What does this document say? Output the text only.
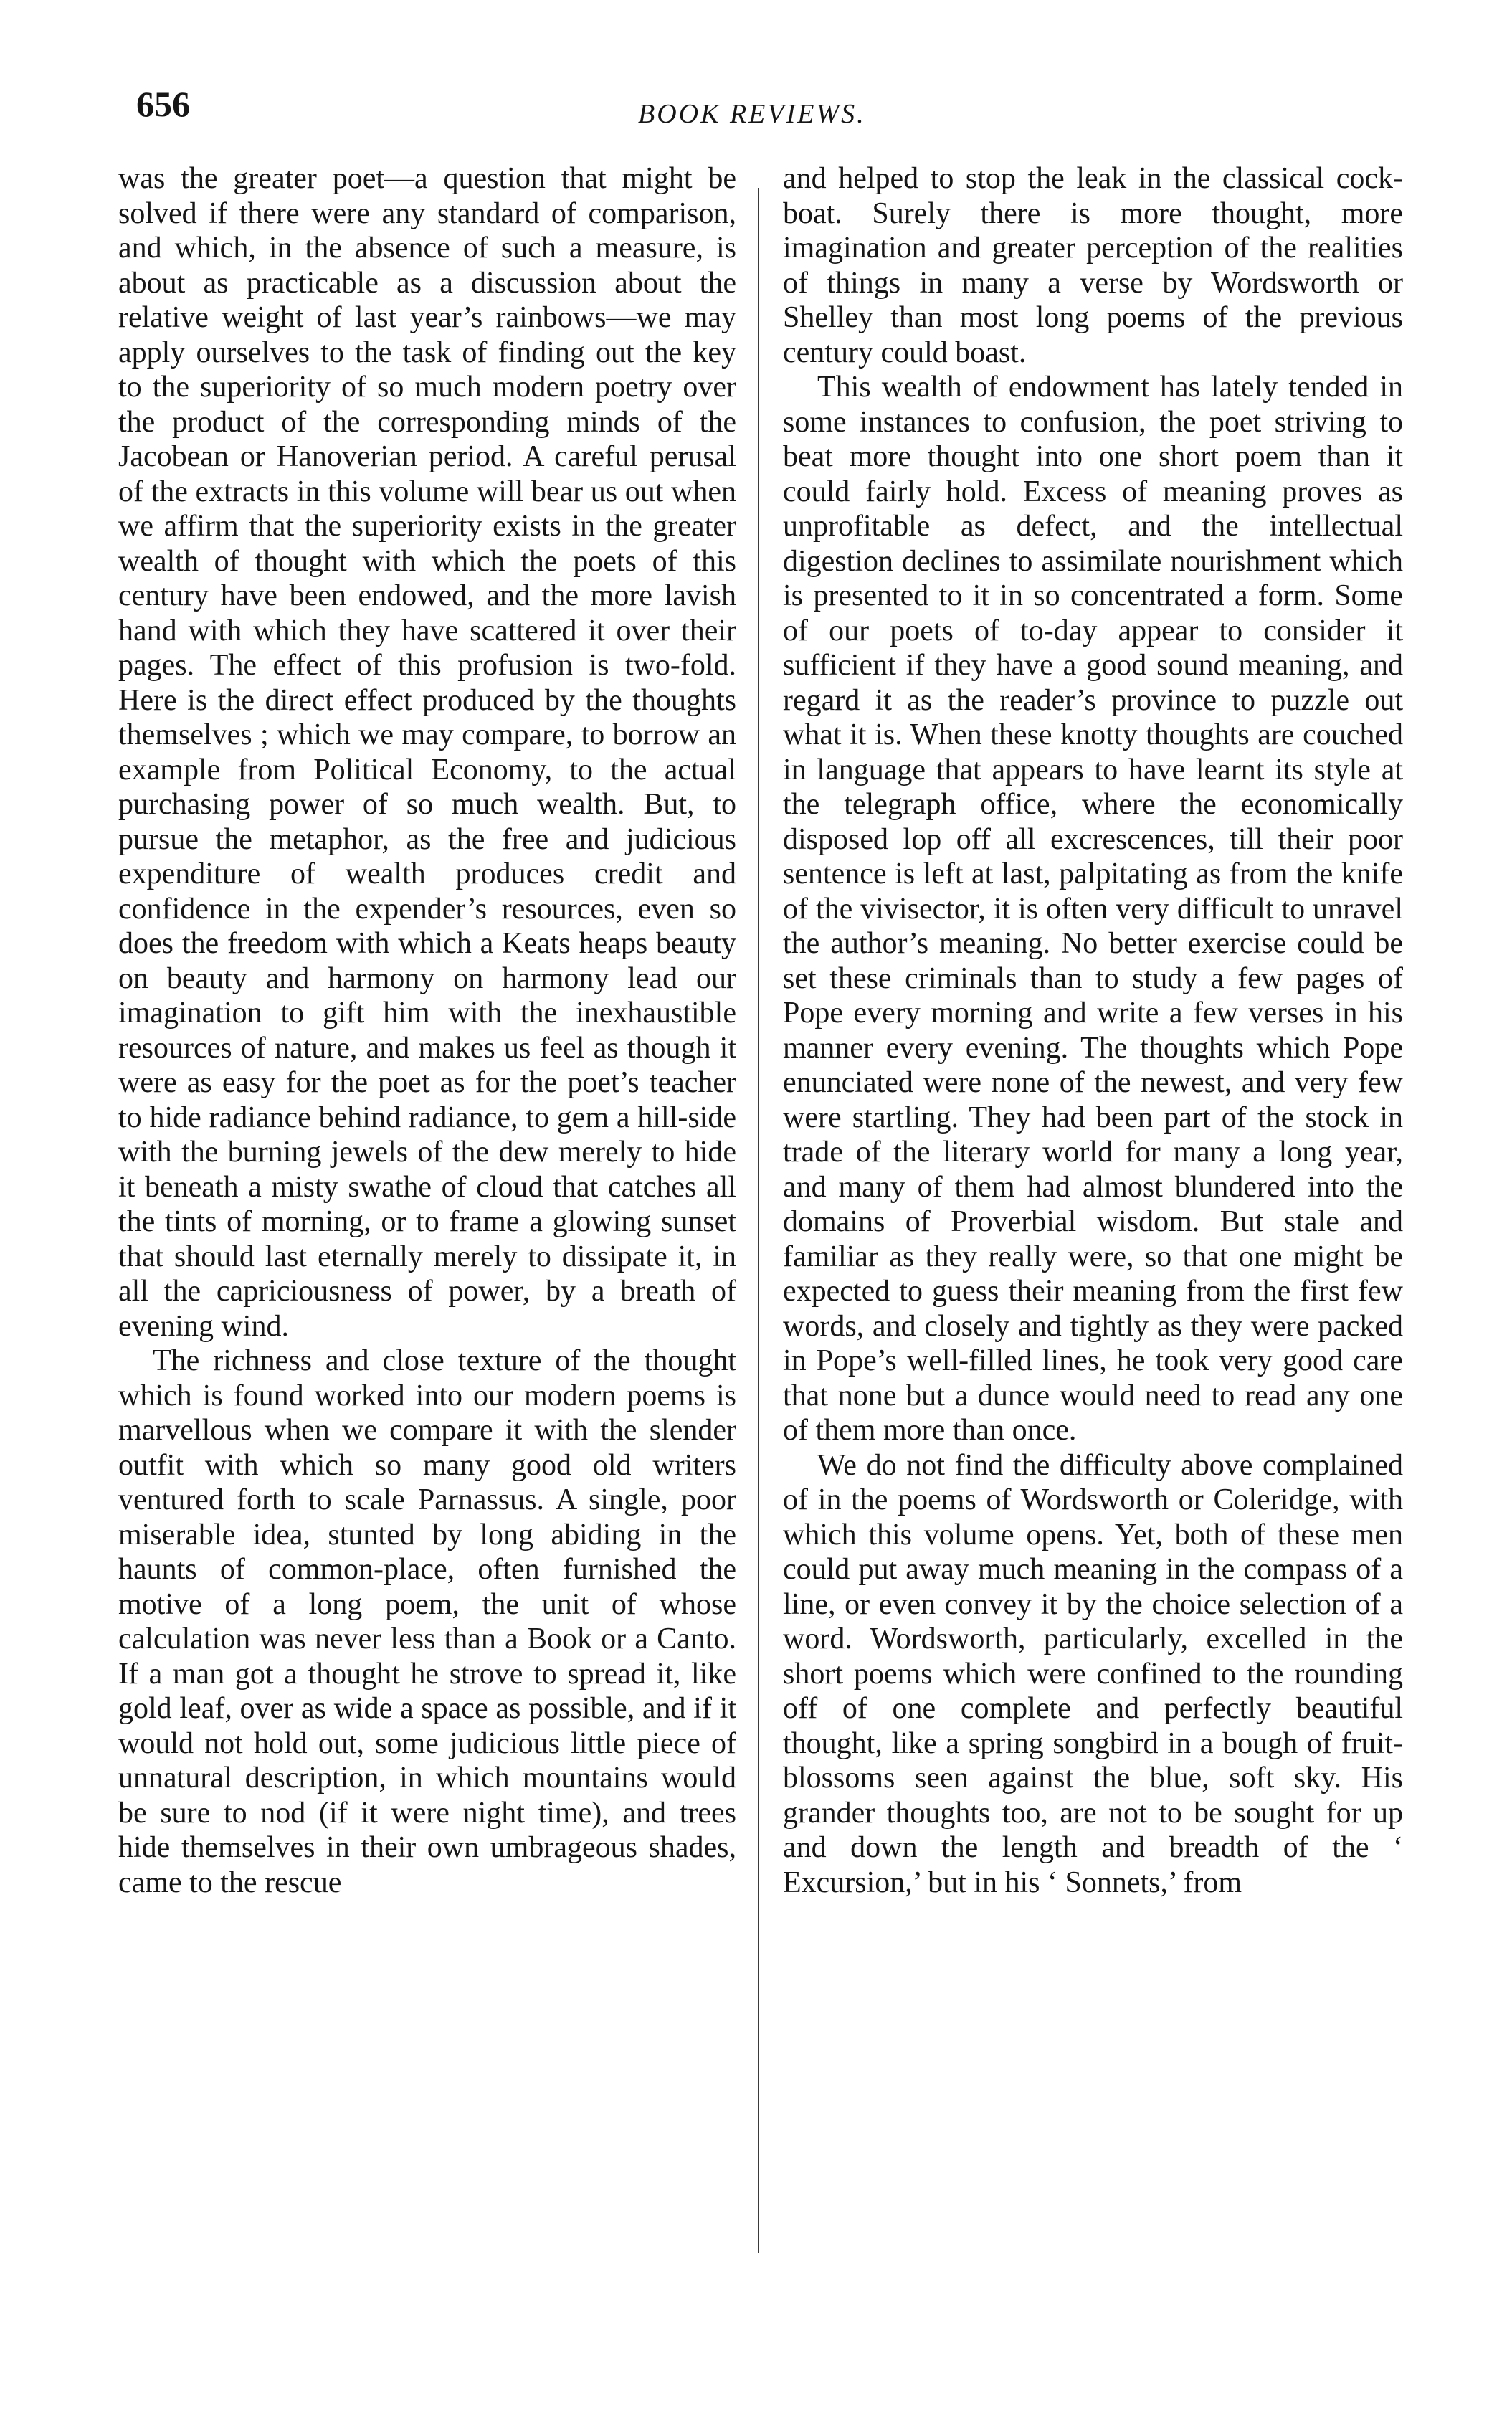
656	BOOK REVIEWS.

was the greater poet—a question that might be solved if there were any standard of comparison, and which, in the absence of such a measure, is about as practicable as a discussion about the relative weight of last year’s rainbows—we may apply ourselves to the task of finding out the key to the superiority of so much modern poetry over the product of the corresponding minds of the Jacobean or Hanoverian period. A careful perusal of the extracts in this volume will bear us out when we affirm that the superiority exists in the greater wealth of thought with which the poets of this century have been endowed, and the more lavish hand with which they have scattered it over their pages. The effect of this profusion is two-fold. Here is the direct effect produced by the thoughts themselves ; which we may compare, to borrow an example from Political Economy, to the actual purchasing power of so much wealth. But, to pursue the metaphor, as the free and judicious expenditure of wealth produces credit and confidence in the expender’s resources, even so does the freedom with which a Keats heaps beauty on beauty and harmony on harmony lead our imagination to gift him with the inexhaustible resources of nature, and makes us feel as though it were as easy for the poet as for the poet’s teacher to hide radiance behind radiance, to gem a hill-side with the burning jewels of the dew merely to hide it beneath a misty swathe of cloud that catches all the tints of morning, or to frame a glowing sunset that should last eternally merely to dissipate it, in all the capriciousness of power, by a breath of evening wind.

The richness and close texture of the thought which is found worked into our modern poems is marvellous when we compare it with the slender outfit with which so many good old writers ventured forth to scale Parnassus. A single, poor miserable idea, stunted by long abiding in the haunts of common-place, often furnished the motive of a long poem, the unit of whose calculation was never less than a Book or a Canto. If a man got a thought he strove to spread it, like gold leaf, over as wide a space as possible, and if it would not hold out, some judicious little piece of unnatural description, in which mountains would be sure to nod (if it were night time), and trees hide themselves in their own umbrageous shades, came to the rescue

and helped to stop the leak in the classical cock-boat. Surely there is more thought, more imagination and greater perception of the realities of things in many a verse by Wordsworth or Shelley than most long poems of the previous century could boast.

This wealth of endowment has lately tended in some instances to confusion, the poet striving to beat more thought into one short poem than it could fairly hold. Excess of meaning proves as unprofitable as defect, and the intellectual digestion declines to assimilate nourishment which is presented to it in so concentrated a form. Some of our poets of to-day appear to consider it sufficient if they have a good sound meaning, and regard it as the reader’s province to puzzle out what it is. When these knotty thoughts are couched in language that appears to have learnt its style at the telegraph office, where the economically disposed lop off all excrescences, till their poor sentence is left at last, palpitating as from the knife of the vivisector, it is often very difficult to unravel the author’s meaning. No better exercise could be set these criminals than to study a few pages of Pope every morning and write a few verses in his manner every evening. The thoughts which Pope enunciated were none of the newest, and very few were startling. They had been part of the stock in trade of the literary world for many a long year, and many of them had almost blundered into the domains of Proverbial wisdom. But stale and familiar as they really were, so that one might be expected to guess their meaning from the first few words, and closely and tightly as they were packed in Pope’s well-filled lines, he took very good care that none but a dunce would need to read any one of them more than once.

We do not find the difficulty above complained of in the poems of Wordsworth or Coleridge, with which this volume opens. Yet, both of these men could put away much meaning in the compass of a line, or even convey it by the choice selection of a word. Wordsworth, particularly, excelled in the short poems which were confined to the rounding off of one complete and perfectly beautiful thought, like a spring songbird in a bough of fruit-blossoms seen against the blue, soft sky. His grander thoughts too, are not to be sought for up and down the length and breadth of the ‘ Excursion,’ but in his ‘ Sonnets,’ from
